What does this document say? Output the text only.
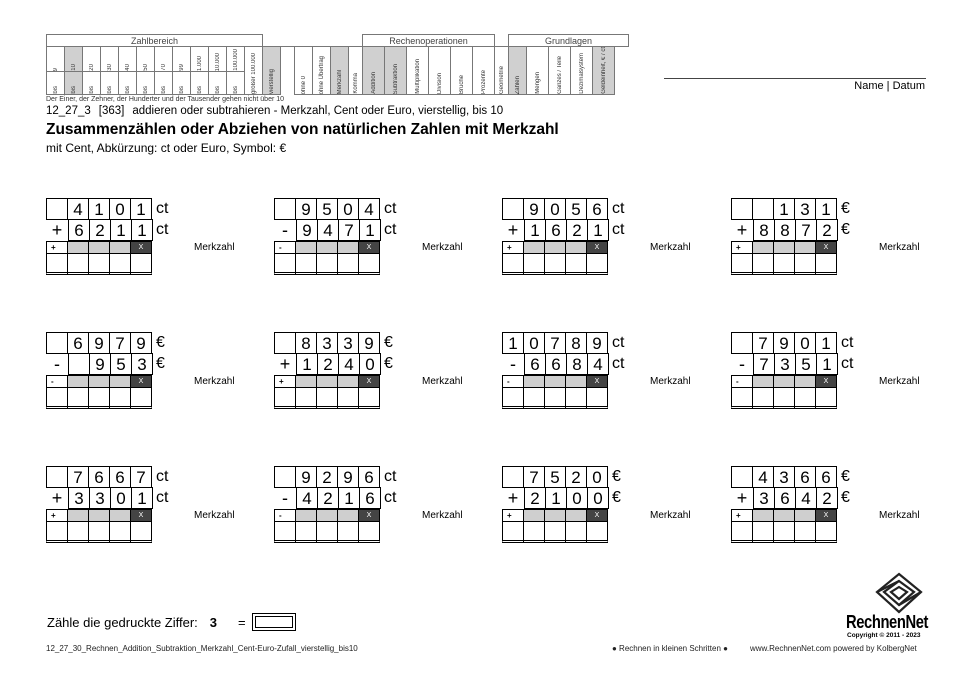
Zahlbereich																		Rechenoperationen							Grundlagen					

9	10	20	30	40	50	70	99	1.000	10.000	100.000	größer 100.000	vierstellig		ohne 0	ohne Übertrag	Merkzahl	Komma	Addition	Subtraktion	Multiplikation	Division	Brüche	Prozente	Geometrie	Zahlen	Mengen	Ganzes / Teile	Dezimalsystem	Geldeinheit, € / ct	

bis	bis	bis	bis	bis	bis	bis	bis	bis	bis	bis																				
Der Einer, der Zehner, der Hunderter und der Tausender gehen nicht über 10
12_27_3 [363] addieren oder subtrahieren - Merkzahl, Cent oder Euro, vierstellig, bis 10
Zusammenzählen oder Abziehen von natürlichen Zahlen mit Merkzahl
mit Cent, Abkürzung: ct oder Euro, Symbol: €
Name | Datum
4 1 0 1
+ 6 2 1 1
ct
ct
+	X	Merkzahl
9 5 0 4
- 9 4 7 1
ct
ct
-	X	Merkzahl
9 0 5 6
+ 1 6 2 1
ct
ct
+	X	Merkzahl
1 3 1
+ 8 8 7 2
€
€
+	X	Merkzahl
6 9 7 9
-	9 5 3
€
€
-	X	Merkzahl
8 3 3 9
+ 1 2 4 0
€
€
+	X	Merkzahl
1 0 7 8 9
- 6 6 8 4
ct
ct
-	X	Merkzahl
7 9 0 1
- 7 3 5 1
ct
ct
-	X	Merkzahl
7 6 6 7
+ 3 3 0 1
ct
ct
+	X	Merkzahl
9 2 9 6
- 4 2 1 6
ct
ct
-	X	Merkzahl
7 5 2 0
+ 2 1 0 0
€
€
+	X	Merkzahl
4 3 6 6
+ 3 6 4 2
€
€
+	X	Merkzahl
Zähle die gedruckte Ziffer: 3 =	RechnenNet
Copyright © 2011 - 2023
12_27_30_Rechnen_Addition_Subtraktion_Merkzahl_Cent-Euro-Zufall_vierstellig_bis10	● Rechnen in kleinen Schritten ●	www.RechnenNet.com powered by KolbergNet
